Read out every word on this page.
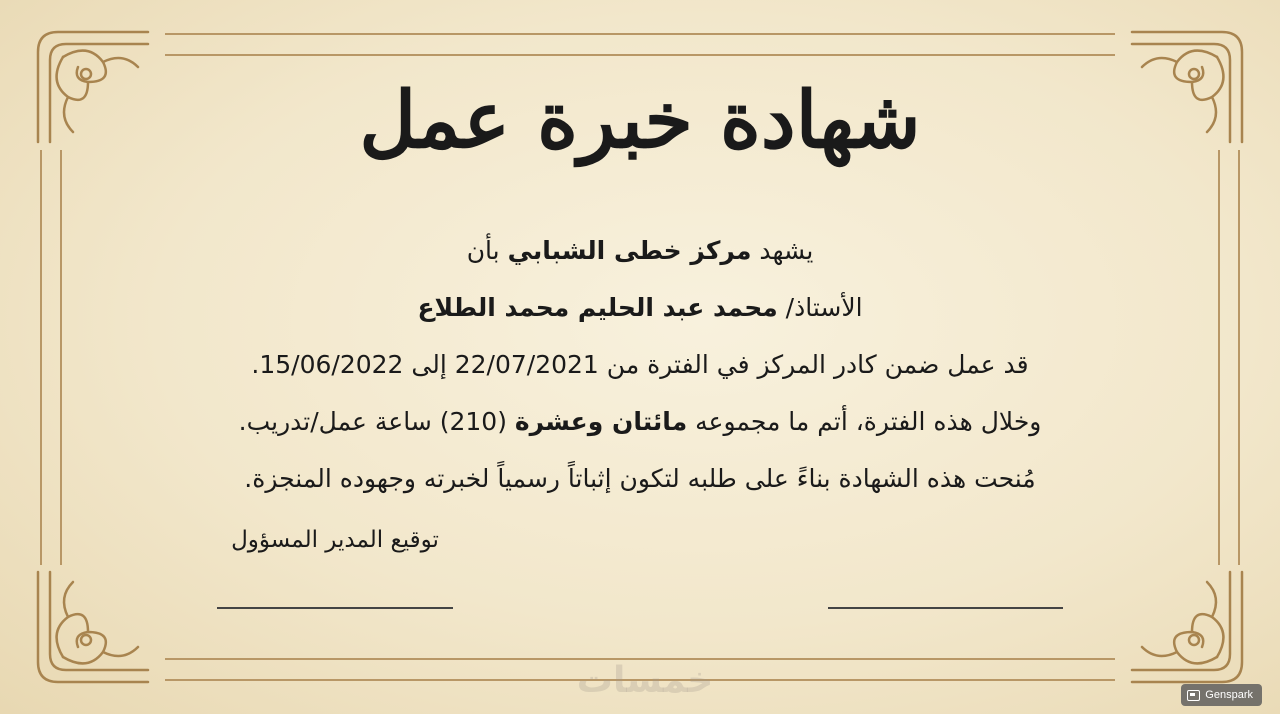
شهادة خبرة عمل
يشهد مركز خطى الشبابي بأن
الأستاذ/ محمد عبد الحليم محمد الطلاع
قد عمل ضمن كادر المركز في الفترة من 22/07/2021 إلى 15/06/2022.
وخلال هذه الفترة، أتم ما مجموعه مائتان وعشرة (210) ساعة عمل/تدريب.
مُنحت هذه الشهادة بناءً على طلبه لتكون إثباتاً رسمياً لخبرته وجهوده المنجزة.
توقيع المدير المسؤول
خمسات	Genspark
